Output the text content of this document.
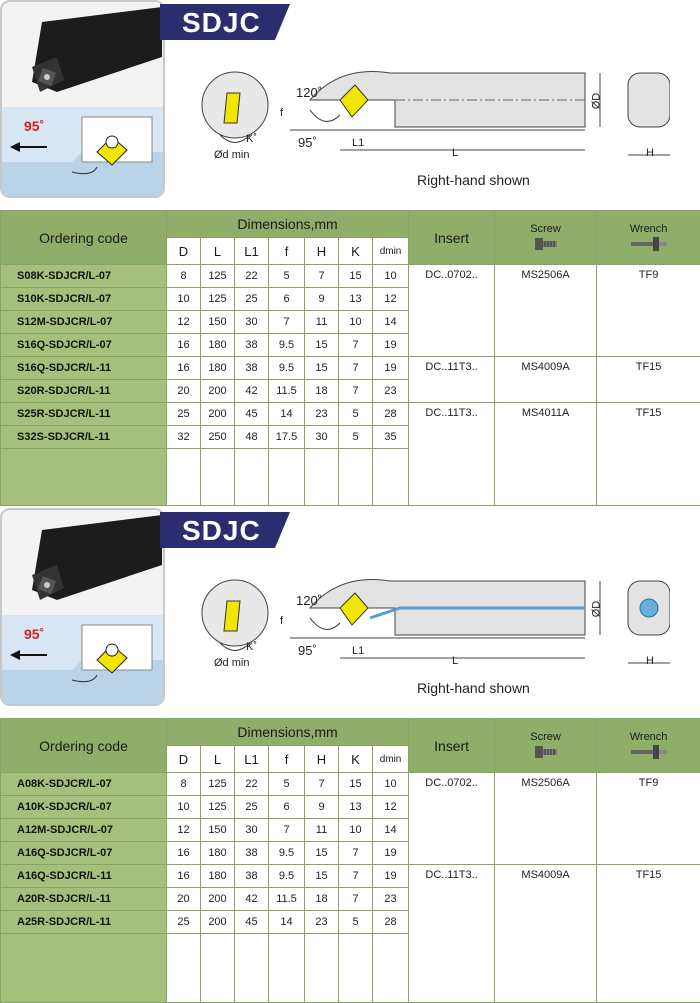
95˚
SDJC
120˚
95˚
f
L1
L
ØD
H
Ød min
K˚
Right-hand shown
Ordering code	Dimensions,mm							Insert	Screw	Wrench

	D	L	L1	f	H	K	dmin			
S08K-SDJCR/L-07	8	125	22	5	7	15	10	DC..0702..	MS2506A	TF9
S10K-SDJCR/L-07	10	125	25	6	9	13	12			
S12M-SDJCR/L-07	12	150	30	7	11	10	14			
S16Q-SDJCR/L-07	16	180	38	9.5	15	7	19			
S16Q-SDJCR/L-11	16	180	38	9.5	15	7	19	DC..11T3..	MS4009A	TF15
S20R-SDJCR/L-11	20	200	42	11.5	18	7	23			
S25R-SDJCR/L-11	25	200	45	14	23	5	28	DC..11T3..	MS4011A	TF15
S32S-SDJCR/L-11	32	250	48	17.5	30	5	35			

95˚
SDJC
120˚
95˚
f
L1
L
ØD
H
Ød min
K˚
Right-hand shown
Ordering code	Dimensions,mm							Insert	Screw	Wrench

	D	L	L1	f	H	K	dmin			
A08K-SDJCR/L-07	8	125	22	5	7	15	10	DC..0702..	MS2506A	TF9
A10K-SDJCR/L-07	10	125	25	6	9	13	12			
A12M-SDJCR/L-07	12	150	30	7	11	10	14			
A16Q-SDJCR/L-07	16	180	38	9.5	15	7	19			
A16Q-SDJCR/L-11	16	180	38	9.5	15	7	19	DC..11T3..	MS4009A	TF15
A20R-SDJCR/L-11	20	200	42	11.5	18	7	23			
A25R-SDJCR/L-11	25	200	45	14	23	5	28			
